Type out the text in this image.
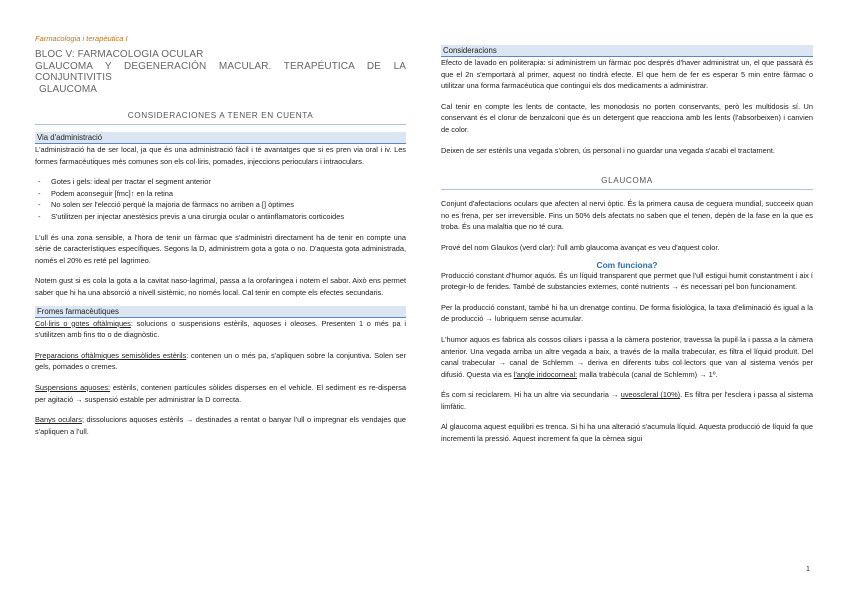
Farmacologia i terapèutica I
BLOC V: FARMACOLOGIA OCULAR
GLAUCOMA Y DEGENERACIÓN MACULAR. TERAPÉUTICA DE LA
CONJUNTIVITIS
GLAUCOMA
CONSIDERACIONES A TENER EN CUENTA
Via d'administració

L'administració ha de ser local, ja que és una administració fàcil i té avantatges que si es pren via oral i iv. Les formes farmacèutiques més comunes son els col·liris, pomades, injeccions perioculars i intraoculars.

- Gotes i gels: ideal per tractar el segment anterior
- Podem aconseguir [fmc]↑ en la retina
- No solen ser l'elecció perquè la majoria de fàrmacs no arriben a [] òptimes
- S'utilitzen per injectar anestèsics previs a una cirurgia ocular o antiinflamatoris corticoides

L'ull és una zona sensible, a l'hora de tenir un fàrmac que s'administri directament ha de tenir en compte una sèrie de característiques específiques. Segons la D, administrem gota a gota o no. D'aquesta gota administrada, només el 20% es reté pel lagrimeo.

Notem gust si es cola la gota a la cavitat naso-lagrimal, passa a la orofaringea i notem el sabor. Això ens permet saber que hi ha una absorció a nivell sistèmic, no només local. Cal tenir en compte els efectes secundaris.

Fromes farmacèutiques

Col·liris o gotes oftàlmiques: solucions o suspensions estèrils, aquoses i oleoses. Presenten 1 o més pa i s'utilitzen amb fins tto o de diagnòstic.

Preparacions oftàlmiques semisòlides estèrils: contenen un o més pa, s'apliquen sobre la conjuntiva. Solen ser gels, pomades o cremes.

Suspensions aquoses: estèrils, contenen partícules sòlides disperses en el vehicle. El sediment es re-dispersa per agitació → suspensió estable per administrar la D correcta.

Banys oculars; dissolucions aquoses estèrils → destinades a rentat o banyar l'ull o impregnar els vendajes que s'apliquen a l'ull.

Consideracions

Efecto de lavado en politerapia: si administrem un fàrmac poc després d'haver administrat un, el que passarà és que el 2n s'emportarà al primer, aquest no tindrà efecte. El que hem de fer es esperar 5 min entre fàrmac o utilitzar una forma farmacèutica que contingui els dos medicaments a administrar.

Cal tenir en compte les lents de contacte, les monodosis no porten conservants, però les multidosis sí. Un conservant és el clorur de benzalconi que és un detergent que reacciona amb les lents (l'absorbeixen) i canvien de color.

Deixen de ser estèrils una vegada s'obren, ús personal i no guardar una vegada s'acabi el tractament.

GLAUCOMA

Conjunt d'afectacions oculars que afecten al nervi òptic. És la primera causa de ceguera mundial, succeeix quan no es frena, per ser irreversible. Fins un 50% dels afectats no saben que el tenen, depèn de la fase en la que es troba. És una malaltia que no té cura.

Prové del nom Glaukos (verd clar): l'ull amb glaucoma avançat es veu d'aquest color.

Com funciona?

Producció constant d'humor aquós. És un líquid transparent que permet que l'ull estigui humit constantment i aix í protegir-lo de ferides. També de substancies externes, conté nutrients → és necessari pel bon funcionament.

Per la producció constant, també hi ha un drenatge continu. De forma fisiològica, la taxa d'eliminació és igual a la de producció → lubriquem sense acumular.

L'humor aquos es fabrica als cossos ciliars i passa a la càmera posterior, travessa la pupil·la i passa a la càmera anterior. Una vegada arriba un altre vegada a baix, a través de la malla trabecular, es filtra el líquid produït. Del canal trabecular → canal de Schlemm → deriva en diferents tubs col·lectors que van al sistema venós per difusió. Questa via es l'angle iridocorneal: malla trabècula (canal de Schlemm) → 1º.

És com si reciclarem. Hi ha un altre via secundaria → uveoscleral (10%). Es filtra per l'esclera i passa al sistema limfàtic.

Al glaucoma aquest equilibri es trenca. Si hi ha una alteració s'acumula líquid. Aquesta producció de líquid fa que incrementi la pressió. Aquest increment fa que la cèrnea sigui

1
